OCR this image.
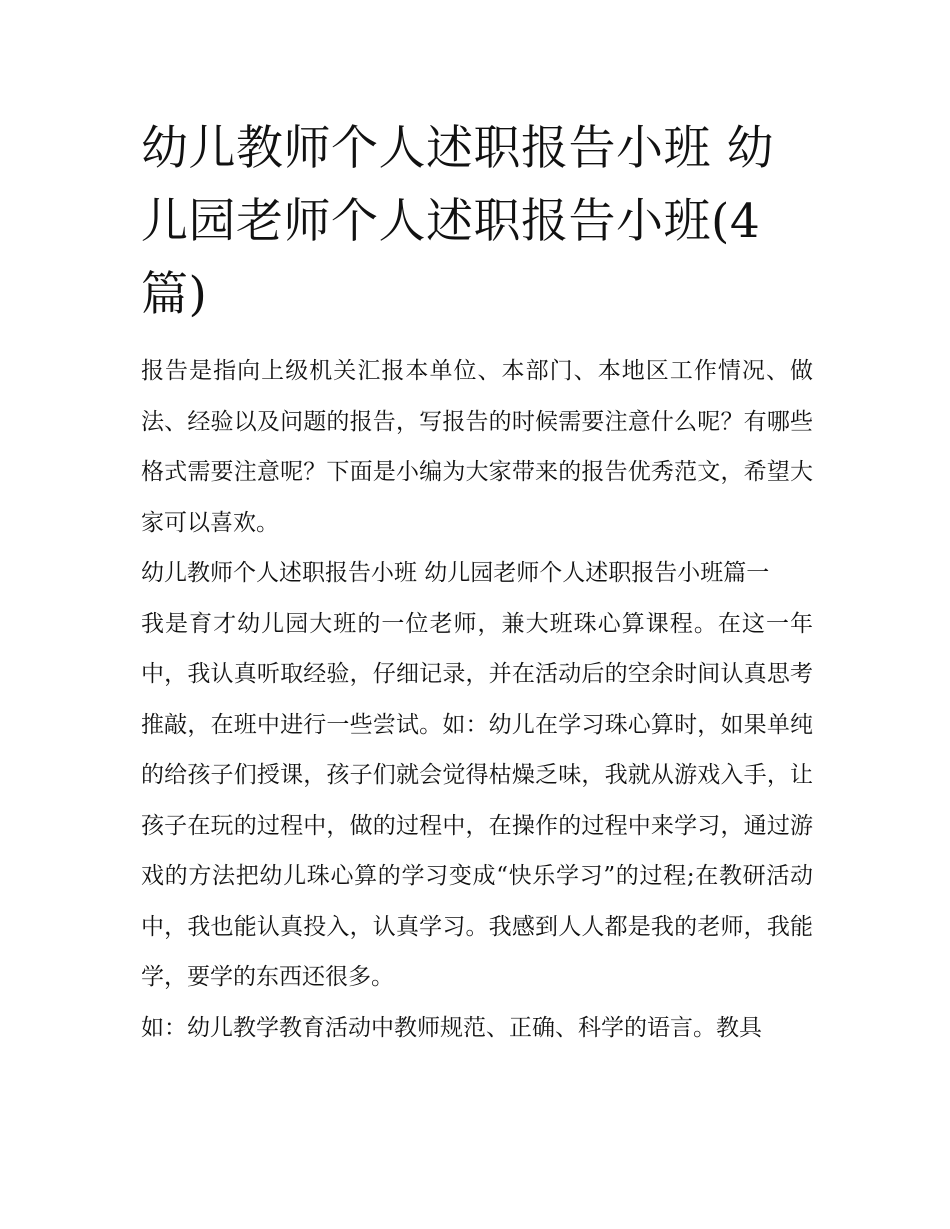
幼儿教师个人述职报告小班 幼儿园老师个人述职报告小班(4篇)

报告是指向上级机关汇报本单位、本部门、本地区工作情况、做法、经验以及问题的报告，写报告的时候需要注意什么呢？有哪些格式需要注意呢？下面是小编为大家带来的报告优秀范文，希望大家可以喜欢。

幼儿教师个人述职报告小班 幼儿园老师个人述职报告小班篇一

我是育才幼儿园大班的一位老师，兼大班珠心算课程。在这一年中，我认真听取经验，仔细记录，并在活动后的空余时间认真思考推敲，在班中进行一些尝试。如：幼儿在学习珠心算时，如果单纯的给孩子们授课，孩子们就会觉得枯燥乏味，我就从游戏入手，让孩子在玩的过程中，做的过程中，在操作的过程中来学习，通过游戏的方法把幼儿珠心算的学习变成“快乐学习”的过程;在教研活动中，我也能认真投入，认真学习。我感到人人都是我的老师，我能学，要学的东西还很多。

如：幼儿教学教育活动中教师规范、正确、科学的语言。教具
